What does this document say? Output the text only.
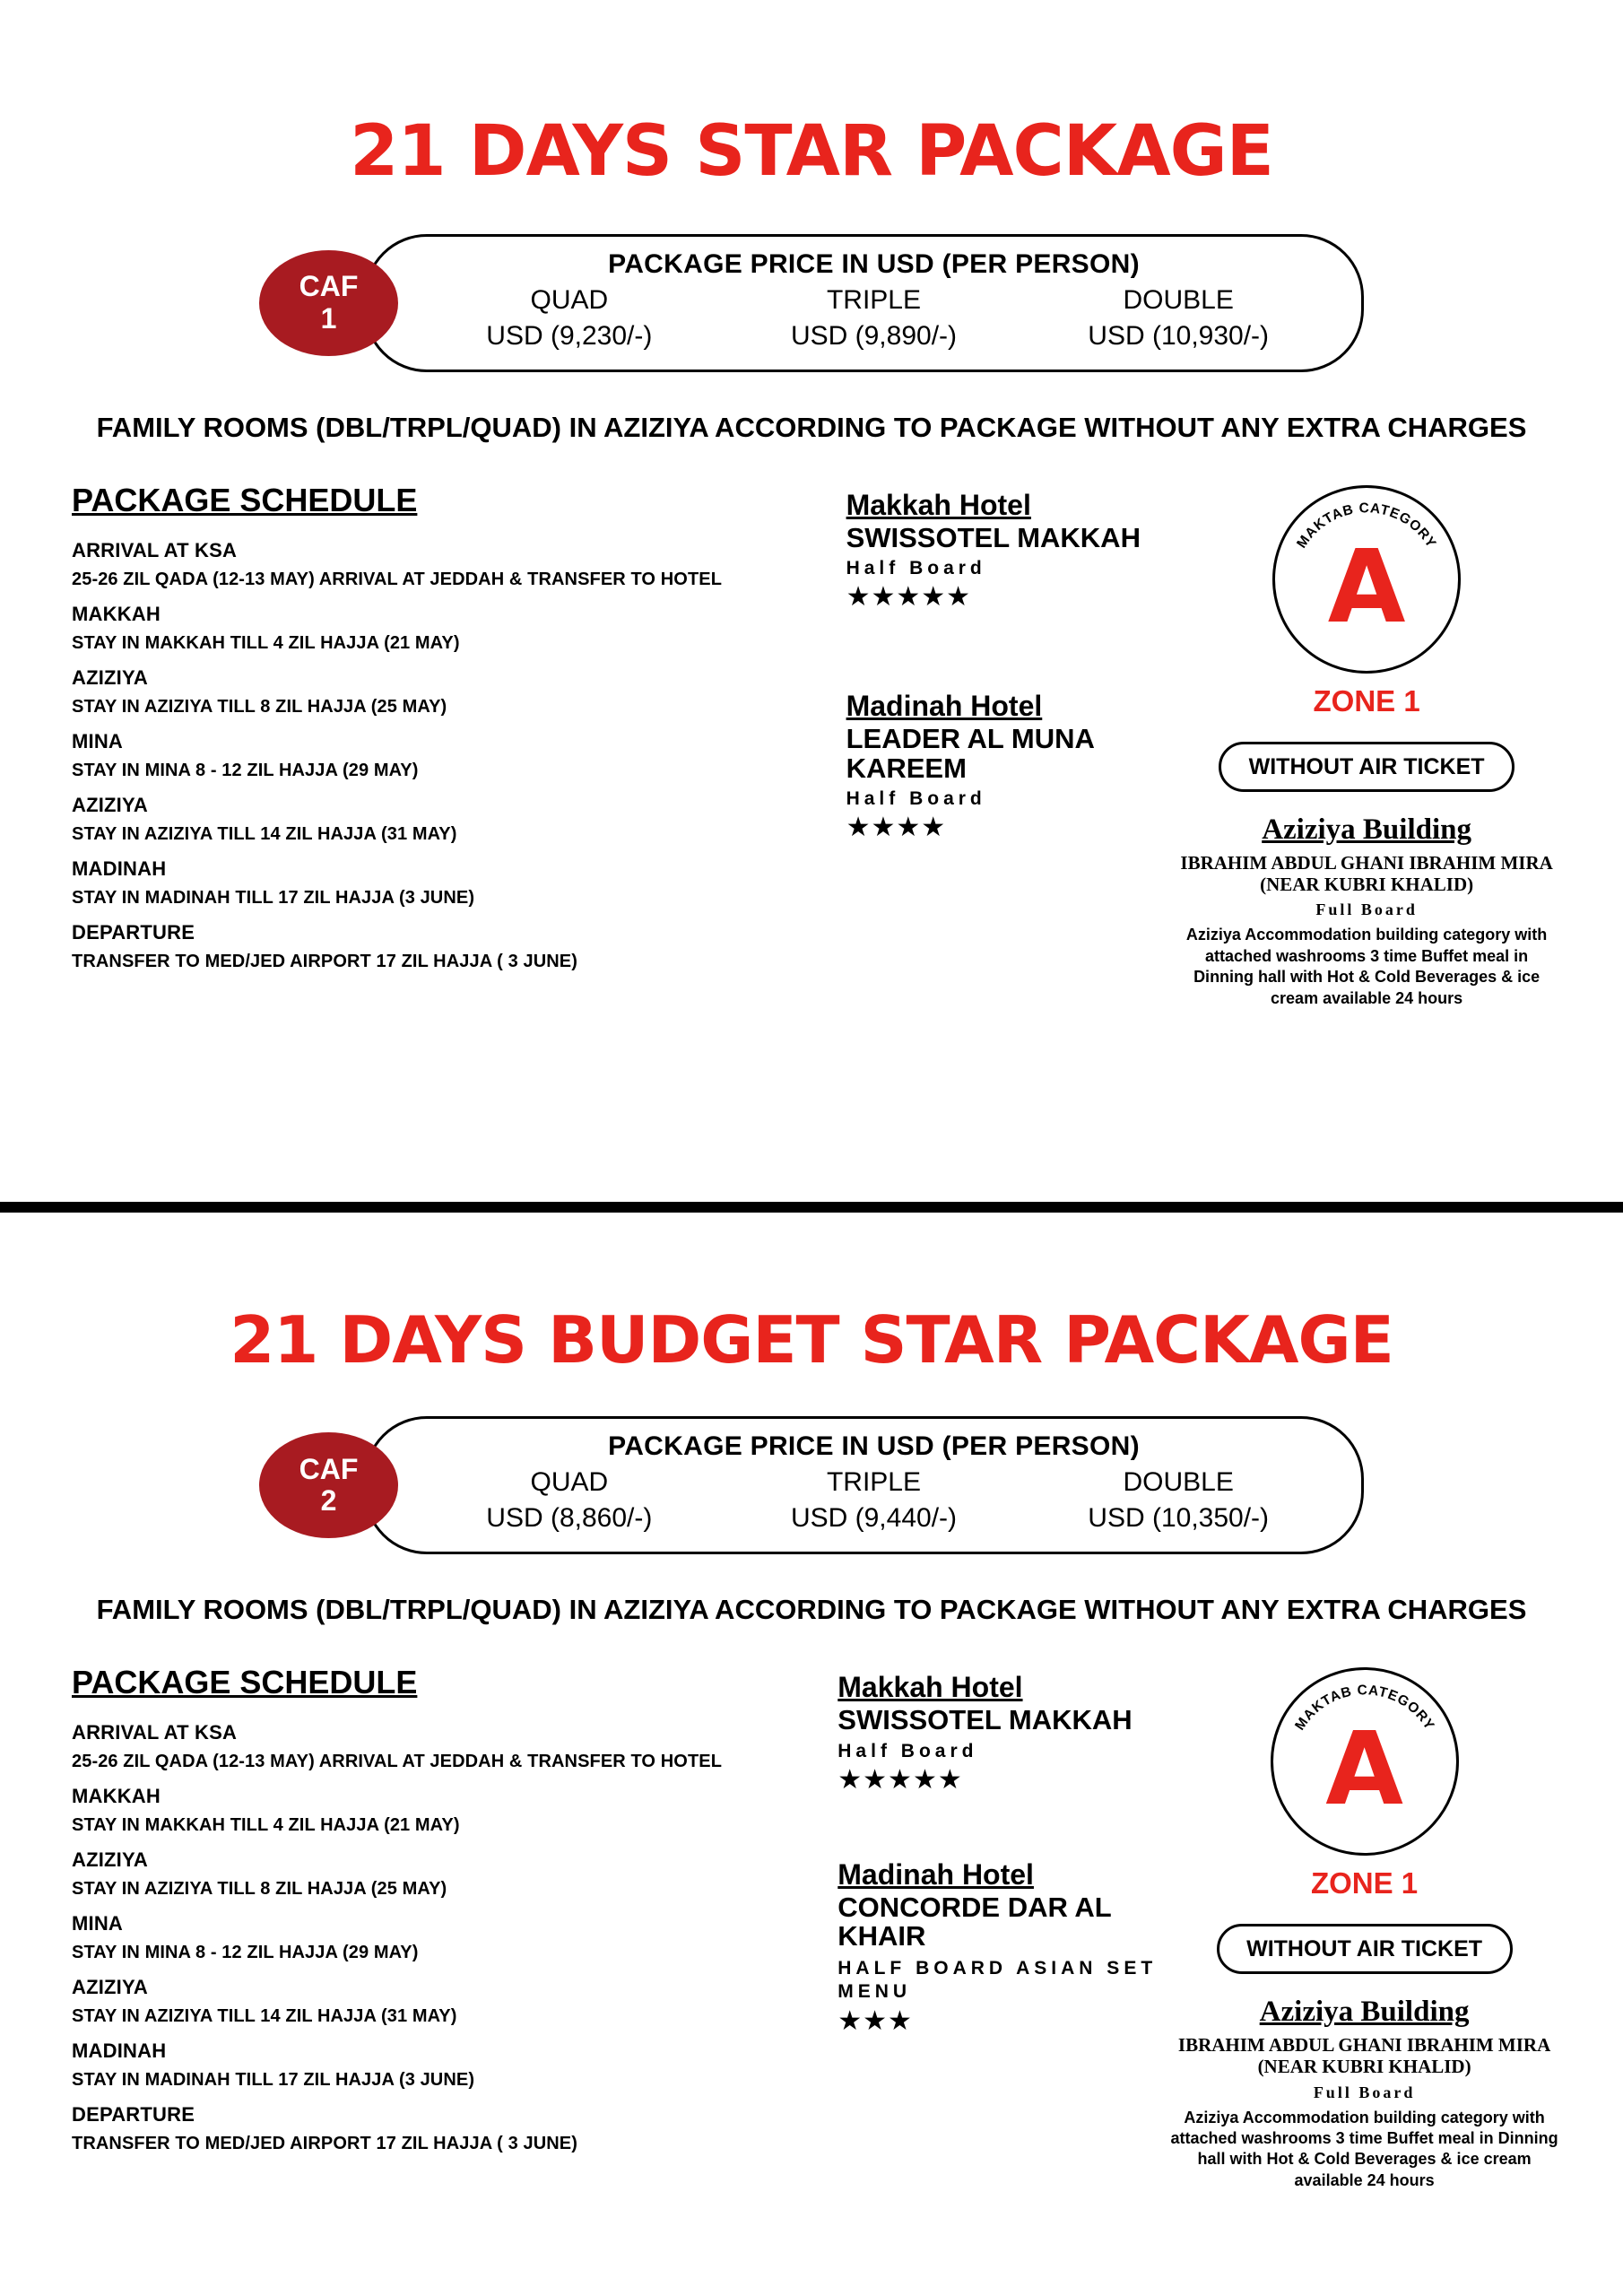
21 DAYS STAR PACKAGE
CAF
1
PACKAGE PRICE IN USD (PER PERSON)
QUAD	TRIPLE	DOUBLE
USD (9,230/-)	USD (9,890/-)	USD (10,930/-)
FAMILY ROOMS (DBL/TRPL/QUAD) IN AZIZIYA ACCORDING TO PACKAGE WITHOUT ANY EXTRA CHARGES
PACKAGE SCHEDULE
ARRIVAL AT KSA
25-26 ZIL QADA (12-13 MAY) ARRIVAL AT JEDDAH & TRANSFER TO HOTEL
MAKKAH
STAY IN MAKKAH TILL 4 ZIL HAJJA (21 MAY)
AZIZIYA
STAY IN AZIZIYA TILL 8 ZIL HAJJA (25 MAY)
MINA
STAY IN MINA 8 - 12 ZIL HAJJA (29 MAY)
AZIZIYA
STAY IN AZIZIYA TILL 14 ZIL HAJJA (31 MAY)
MADINAH
STAY IN MADINAH TILL 17 ZIL HAJJA (3 JUNE)
DEPARTURE
TRANSFER TO MED/JED AIRPORT 17 ZIL HAJJA ( 3 JUNE)
Makkah Hotel
SWISSOTEL MAKKAH
Half Board
★★★★★
Madinah Hotel
LEADER AL MUNA KAREEM
Half Board
★★★★
MAKTAB CATEGORY
A
ZONE 1
WITHOUT AIR TICKET
Aziziya Building
IBRAHIM ABDUL GHANI IBRAHIM MIRA (NEAR KUBRI KHALID)
Full Board
Aziziya Accommodation building category with attached washrooms 3 time Buffet meal in Dinning hall with Hot & Cold Beverages & ice cream available 24 hours
21 DAYS BUDGET STAR PACKAGE
CAF
2
PACKAGE PRICE IN USD (PER PERSON)
QUAD	TRIPLE	DOUBLE
USD (8,860/-)	USD (9,440/-)	USD (10,350/-)
FAMILY ROOMS (DBL/TRPL/QUAD) IN AZIZIYA ACCORDING TO PACKAGE WITHOUT ANY EXTRA CHARGES
PACKAGE SCHEDULE
ARRIVAL AT KSA
25-26 ZIL QADA (12-13 MAY) ARRIVAL AT JEDDAH & TRANSFER TO HOTEL
MAKKAH
STAY IN MAKKAH TILL 4 ZIL HAJJA (21 MAY)
AZIZIYA
STAY IN AZIZIYA TILL 8 ZIL HAJJA (25 MAY)
MINA
STAY IN MINA 8 - 12 ZIL HAJJA (29 MAY)
AZIZIYA
STAY IN AZIZIYA TILL 14 ZIL HAJJA (31 MAY)
MADINAH
STAY IN MADINAH TILL 17 ZIL HAJJA (3 JUNE)
DEPARTURE
TRANSFER TO MED/JED AIRPORT 17 ZIL HAJJA ( 3 JUNE)
Makkah Hotel
SWISSOTEL MAKKAH
Half Board
★★★★★
Madinah Hotel
CONCORDE DAR AL KHAIR
HALF BOARD ASIAN SET MENU
★★★
MAKTAB CATEGORY
A
ZONE 1
WITHOUT AIR TICKET
Aziziya Building
IBRAHIM ABDUL GHANI IBRAHIM MIRA (NEAR KUBRI KHALID)
Full Board
Aziziya Accommodation building category with attached washrooms 3 time Buffet meal in Dinning hall with Hot & Cold Beverages & ice cream available 24 hours
